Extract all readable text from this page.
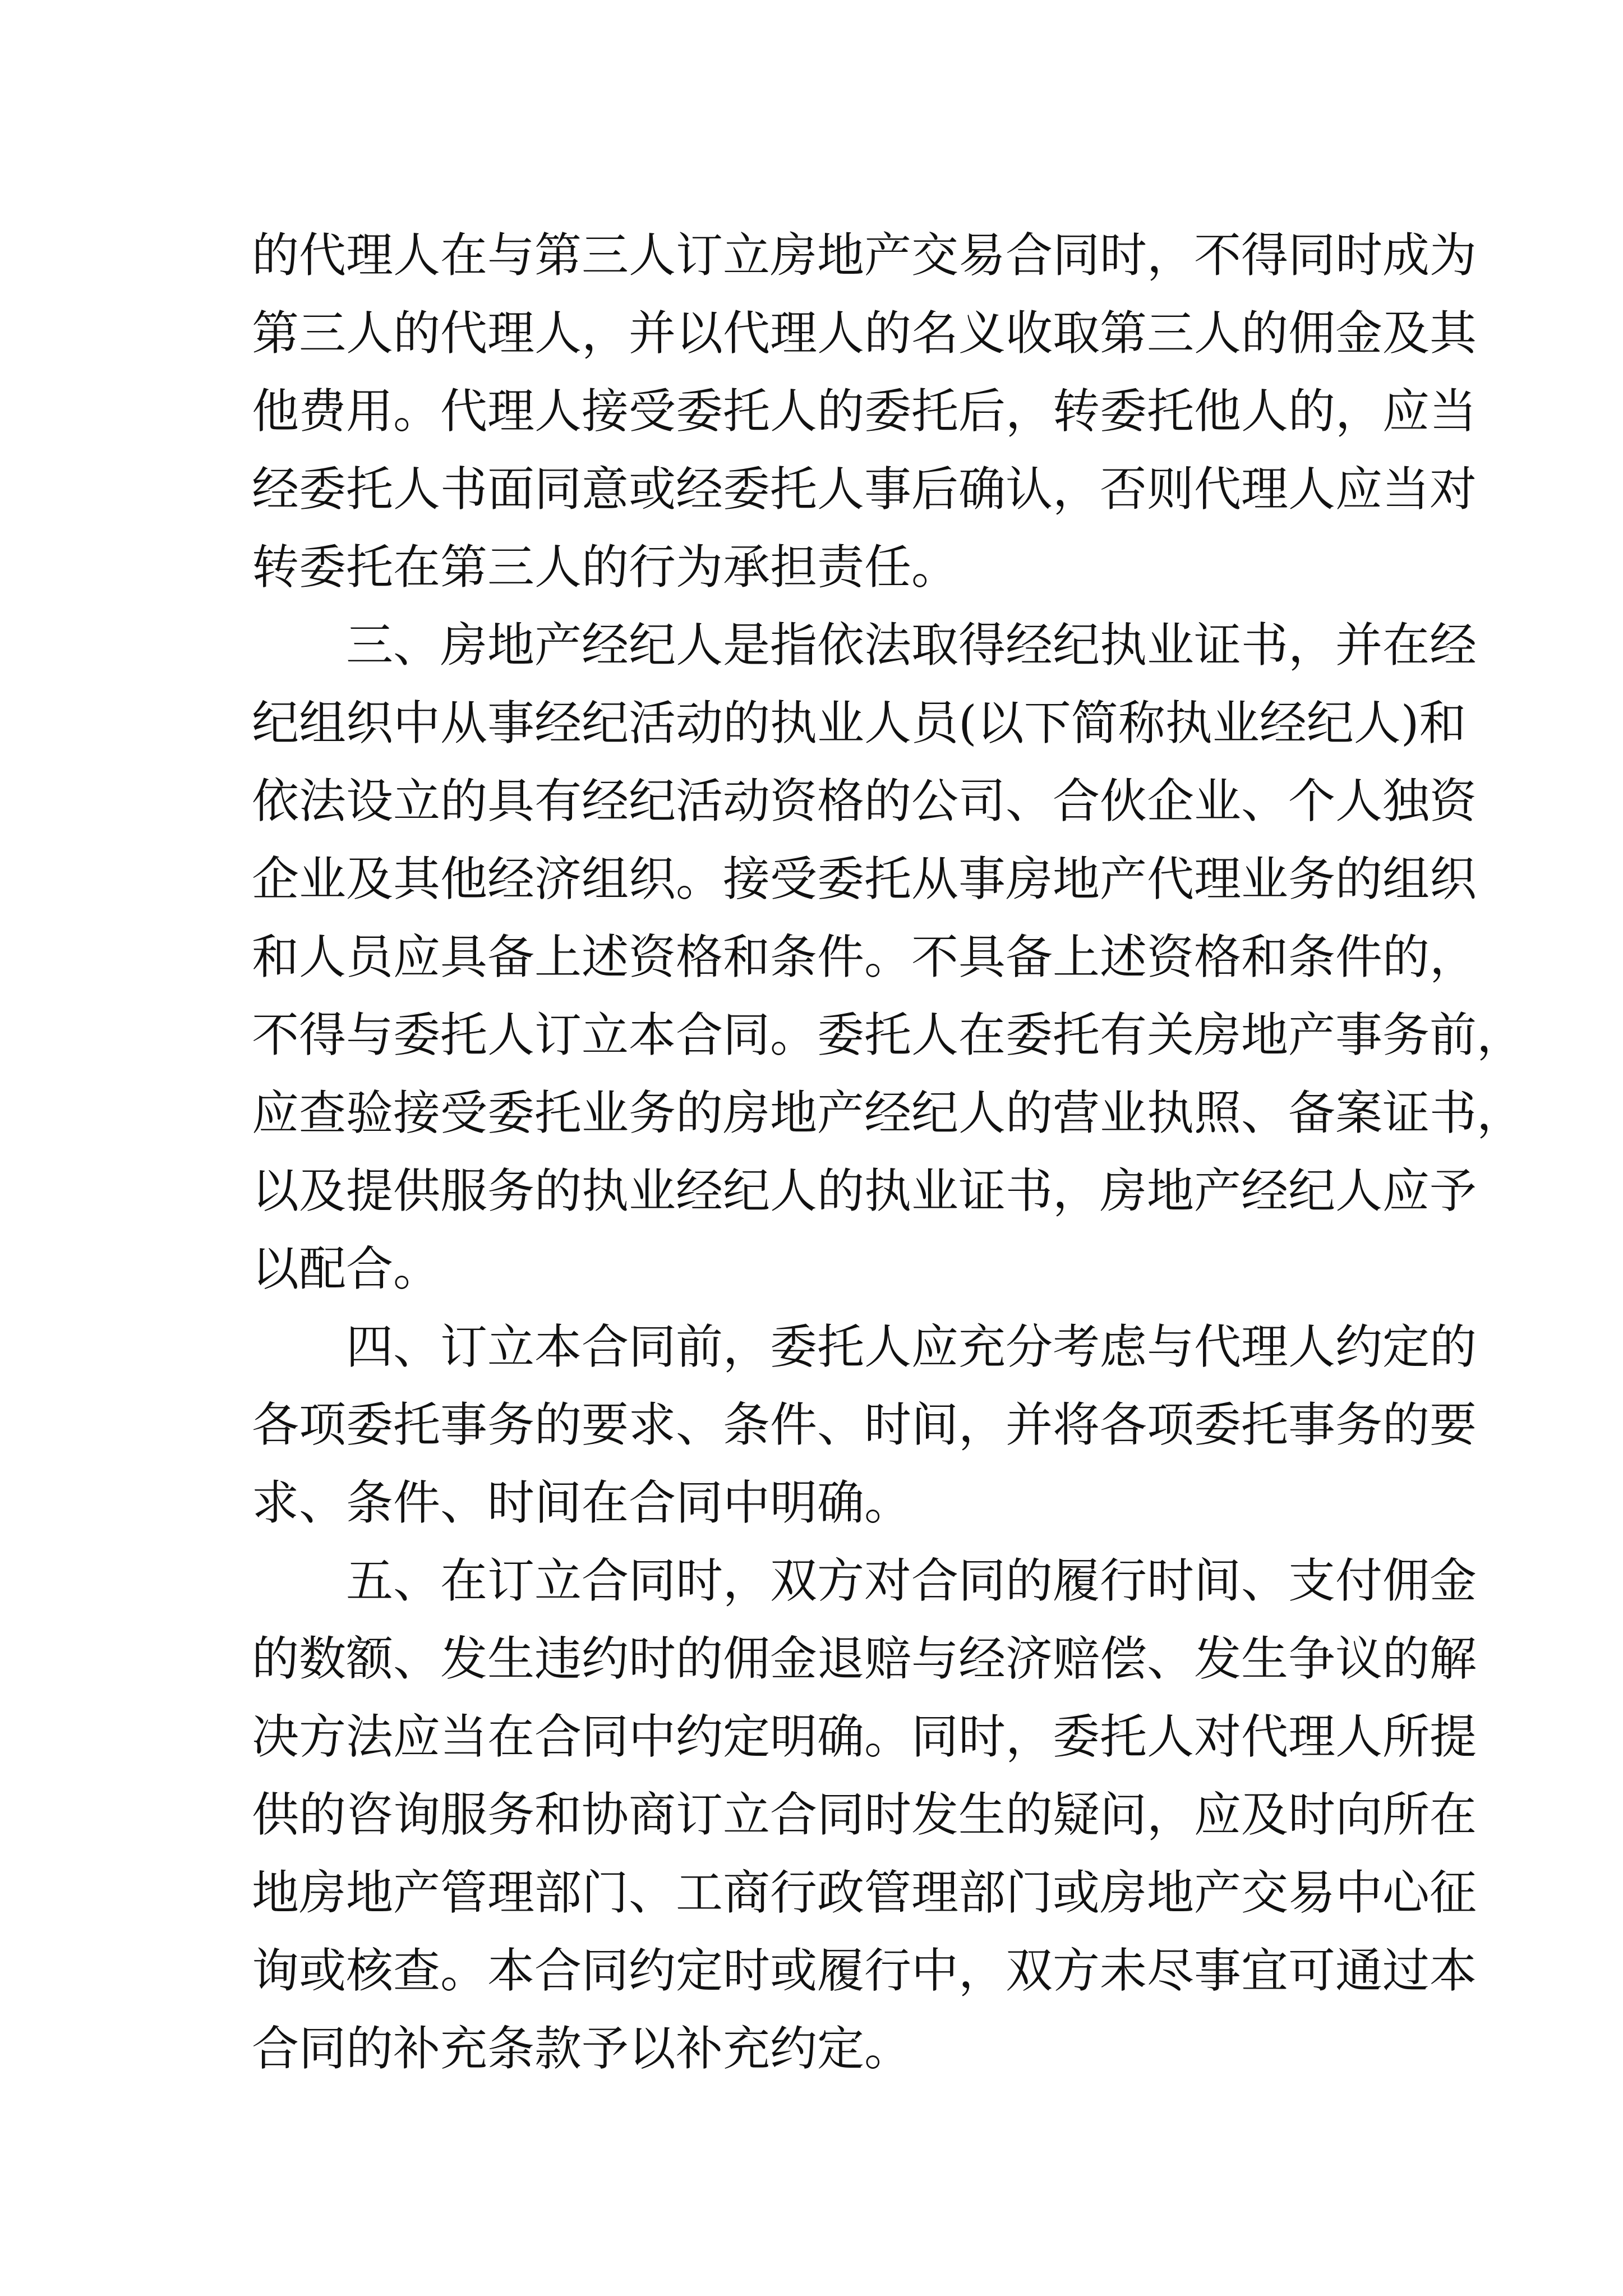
的代理人在与第三人订立房地产交易合同时，不得同时成为
第三人的代理人，并以代理人的名义收取第三人的佣金及其
他费用。代理人接受委托人的委托后，转委托他人的，应当
经委托人书面同意或经委托人事后确认，否则代理人应当对
转委托在第三人的行为承担责任。
三、房地产经纪人是指依法取得经纪执业证书，并在经
纪组织中从事经纪活动的执业人员(以下简称执业经纪人)和
依法设立的具有经纪活动资格的公司、合伙企业、个人独资
企业及其他经济组织。接受委托从事房地产代理业务的组织
和人员应具备上述资格和条件。不具备上述资格和条件的，
不得与委托人订立本合同。委托人在委托有关房地产事务前，
应查验接受委托业务的房地产经纪人的营业执照、备案证书，
以及提供服务的执业经纪人的执业证书，房地产经纪人应予
以配合。
四、订立本合同前，委托人应充分考虑与代理人约定的
各项委托事务的要求、条件、时间，并将各项委托事务的要
求、条件、时间在合同中明确。
五、在订立合同时，双方对合同的履行时间、支付佣金
的数额、发生违约时的佣金退赔与经济赔偿、发生争议的解
决方法应当在合同中约定明确。同时，委托人对代理人所提
供的咨询服务和协商订立合同时发生的疑问，应及时向所在
地房地产管理部门、工商行政管理部门或房地产交易中心征
询或核查。本合同约定时或履行中，双方未尽事宜可通过本
合同的补充条款予以补充约定。
